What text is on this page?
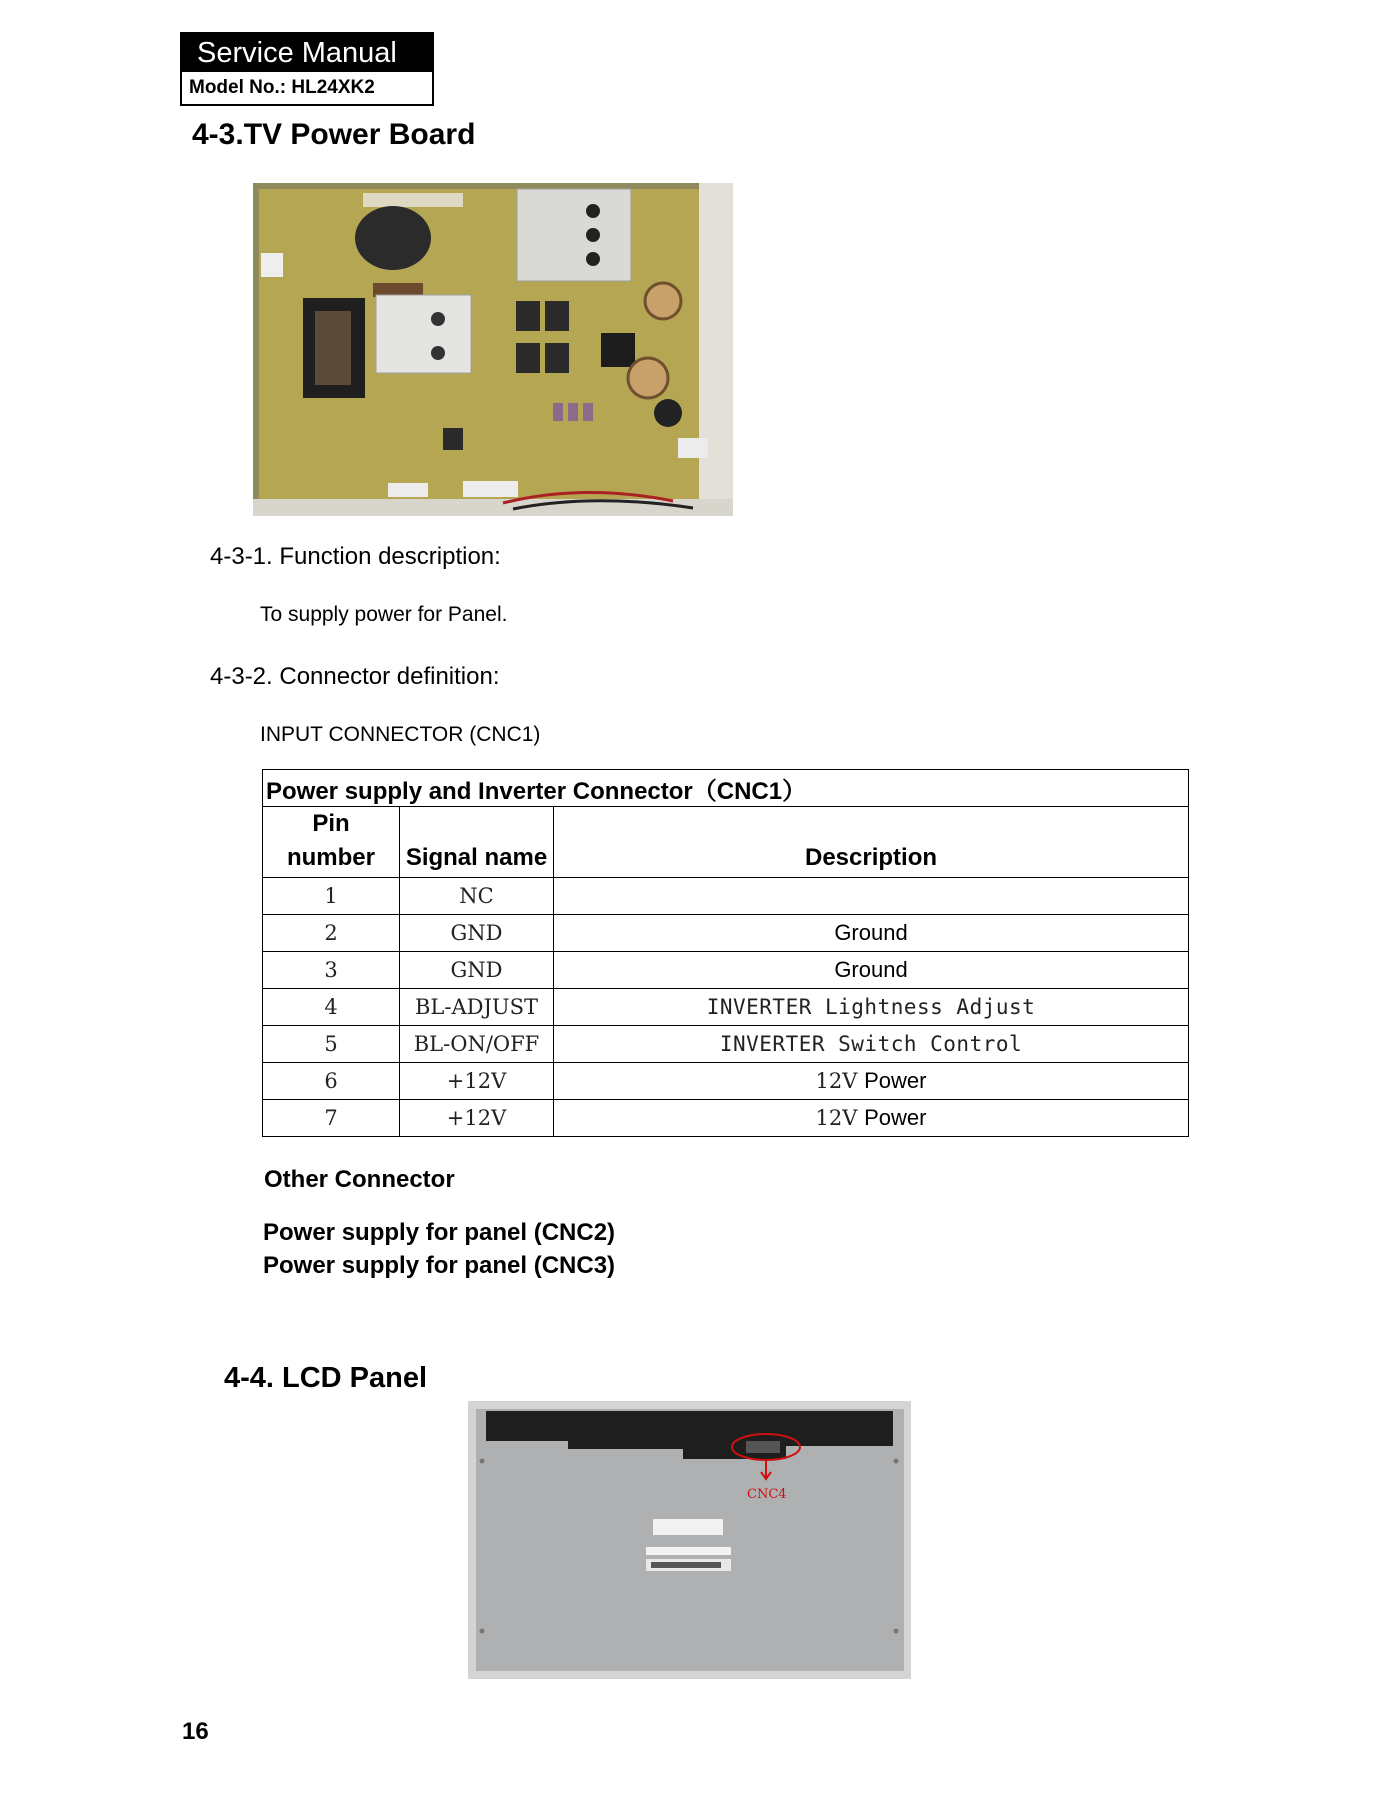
Service Manual
Model No.: HL24XK2
4-3.TV Power Board
4-3-1. Function description:
To supply power for Panel.
4-3-2. Connector definition:
INPUT CONNECTOR (CNC1)
Power supply and Inverter Connector（CNC1）		
Pin
number	Signal name	Description
1	NC	
2	GND	Ground
3	GND	Ground
4	BL-ADJUST	INVERTER Lightness Adjust
5	BL-ON/OFF	INVERTER Switch Control
6	+12V	12V Power
7	+12V	12V Power
Other Connector
Power supply for panel (CNC2)
Power supply for panel (CNC3)
4-4. LCD Panel
CNC4
16
